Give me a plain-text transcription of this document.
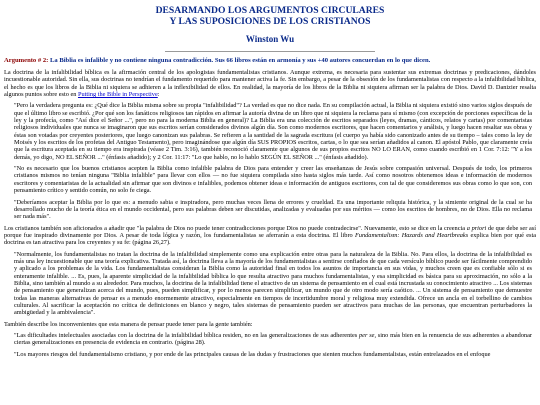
DESARMANDO LOS ARGUMENTOS CIRCULARES
Y LAS SUPOSICIONES DE LOS CRISTIANOS
Winston Wu
Argumento # 2: La Biblia es infalible y no contiene ninguna contradicción. Sus 66 libros están en armonía y sus +40 autores concuerdan en lo que dicen.

La doctrina de la infalibilidad bíblica es la afirmación central de los apologistas fundamentalistas cristianos. Aunque extrema, es necesaria para sustentar sus extremas doctrinas y predicaciones, dándoles incuestionable autoridad. Sin ella, sus doctrinas no tendrían el fundamento requerido para mantener activa la fe. Sin embargo, a pesar de la obsesión de los fundamentalistas con respecto a la infalibilidad bíblica, el hecho es que los libros de la Biblia ni siquiera se adhieren a la inflexibilidad de ellos. En realidad, la mayoría de los libros de la Biblia ni siquiera afirman ser la palabra de Dios. David D. Danizier resalta algunos puntos sobre esto en Putting the Bible in Perspective:

"Pero la verdadera pregunta es: ¿Qué dice la Biblia misma sobre su propia "infalibilidad"? La verdad es que no dice nada. En su compilación actual, la Biblia ni siquiera existió sino varios siglos después de que el último libro se escribió. ¿Por qué son los fanáticos religiosos tan rápidos en afirmar la autoría divina de un libro que ni siquiera la reclama para sí mismo (con excepción de porciones específicas de la ley y la profecía, como "Así dice el Señor ...", pero no para la moderna Biblia en general)? La Biblia era una colección de escritos separados (leyes, dramas, cánticos, relatos y cartas) por comentaristas religiosos individuales que nunca se imaginaron que sus escritos serían considerados divinos algún día. Son como modernos escritores, que hacen comentarios y análisis, y luego hacen resaltar sus obras y éstas son votadas por creyentes posteriores, que luego canonizan sus palabras. Se refieren a la santidad de la sagrada escritura (el cuerpo ya había sido canonizado antes de su tiempo – tales como la ley de Moisés y los escritos de los profetas del Antiguo Testamento), pero imaginándose que algún día SUS PROPIOS escritos, cartas, o lo que sea serían añadidos al canon. El apóstol Pablo, que claramente creía que la escritura aceptada en su tiempo era inspirada (véase 2 Tim. 3:16), también reconoció claramente que algunos de sus propios escritos NO LO ERAN, como cuando escribió en 1 Cor. 7:12: "Y a los demás, yo digo, NO EL SEÑOR ..." (énfasis añadido); y 2 Cor. 11:17: "Lo que hablo, no lo hablo SEGÚN EL SEÑOR ..." (énfasis añadido).

"No es necesario que los buenos cristianos acepten la Biblia como infalible palabra de Dios para entender y creer las enseñanzas de Jesús sobre compasión universal. Después de todo, los primeros cristianos mismos no tenían ninguna "Biblia infalible" para llevar con ellos — no fue siquiera compilada sino hasta siglos más tarde. Así como nosotros obtenemos ideas e información de modernos escritores y comentaristas de la actualidad sin afirmar que son divinos e infalibles, podemos obtener ideas e información de antiguos escritores, con tal de que consideremos sus obras como lo que son, con pensamiento crítico y sentido común, no solo fe ciega.

"Deberíamos aceptar la Biblia por lo que es: a menudo sabia e inspiradora, pero muchas veces llena de errores y crueldad. Es una importante reliquia histórica, y la simiente original de la cual se ha desarrollado mucho de la teoría ética en el mundo occidental, pero sus palabras deben ser discutidas, analizadas y evaluadas por sus méritos — como los escritos de hombres, no de Dios. Ella no reclama ser nada más".

Los cristianos también son aficionados a añadir que "la palabra de Dios no puede tener contradicciones porque Dios no puede contradecirse". Nuevamente, esto se dice en la creencia a priori de que debe ser así porque fue inspirado divinamente por Dios. A pesar de toda lógica y razón, los fundamentalistas se aferrarán a esta doctrina. El libro Fundamentalism: Hazards and Heartbreaks explica bien por qué esta doctrina es tan atractiva para los creyentes y su fe: (página 26,27).

"Normalmente, los fundamentalistas no tratan la doctrina de la infalibilidad simplemente como una explicación entre otras para la naturaleza de la Biblia. No. Para ellos, la doctrina de la infalibilidad es más una ley incuestionable que una teoría explicativa. Tratada así, la doctrina lleva a la mayoría de los fundamentalistas a sentirse confiados de que cada versículo bíblico puede ser fácilmente comprendido y aplicado a los problemas de la vida. Los fundamentalistas consideran la Biblia como la autoridad final en todos los asuntos de importancia en sus vidas, y muchos creen que es confiable sólo si es enteramente infalible. ... Es, pues, la aparente simplicidad de la infalibilidad bíblica lo que resulta atractivo para muchos fundamentalistas, y esa simplicidad es básica para su aproximación, no sólo a la Biblia, sino también al mundo a su alrededor. Para muchos, la doctrina de la infalibilidad tiene el atractivo de un sistema de pensamiento en el cual está incrustada su conocimiento atractivo ... Los sistemas de pensamiento que generalizan acerca del mundo, pues, pueden simplificar, y por lo menos parecen simplificar, un mundo que de otro modo sería caótico. ... Un sistema de pensamiento que demuestre todas las maneras alternativas de pensar es a menudo enormemente atractivo, especialmente en tiempos de incertidumbre moral y religiosa muy extendida. Ofrece un ancla en el torbellino de cambios culturales. Al sacrificar la aceptación no crítica de definiciones en blanco y negro, tales sistemas de pensamiento pueden ser atractivos para muchas de las personas, que encuentran perturbadores la ambigüedad y la ambivalencia".

También describe los inconvenientes que esta manera de pensar puede tener para la gente también:

"Las dificultades intelectuales asociadas con la doctrina de la infalibilidad bíblica residen, no en las generalizaciones de sus adherentes per se, sino más bien en la renuencia de sus adherentes a abandonar ciertas generalizaciones en presencia de evidencia en contrario. (página 28).

"Los mayores riesgos del fundamentalismo cristiano, y por ende de las principales causas de las dudas y frustraciones que sienten muchos fundamentalistas, están entrelazados en el enfoque
